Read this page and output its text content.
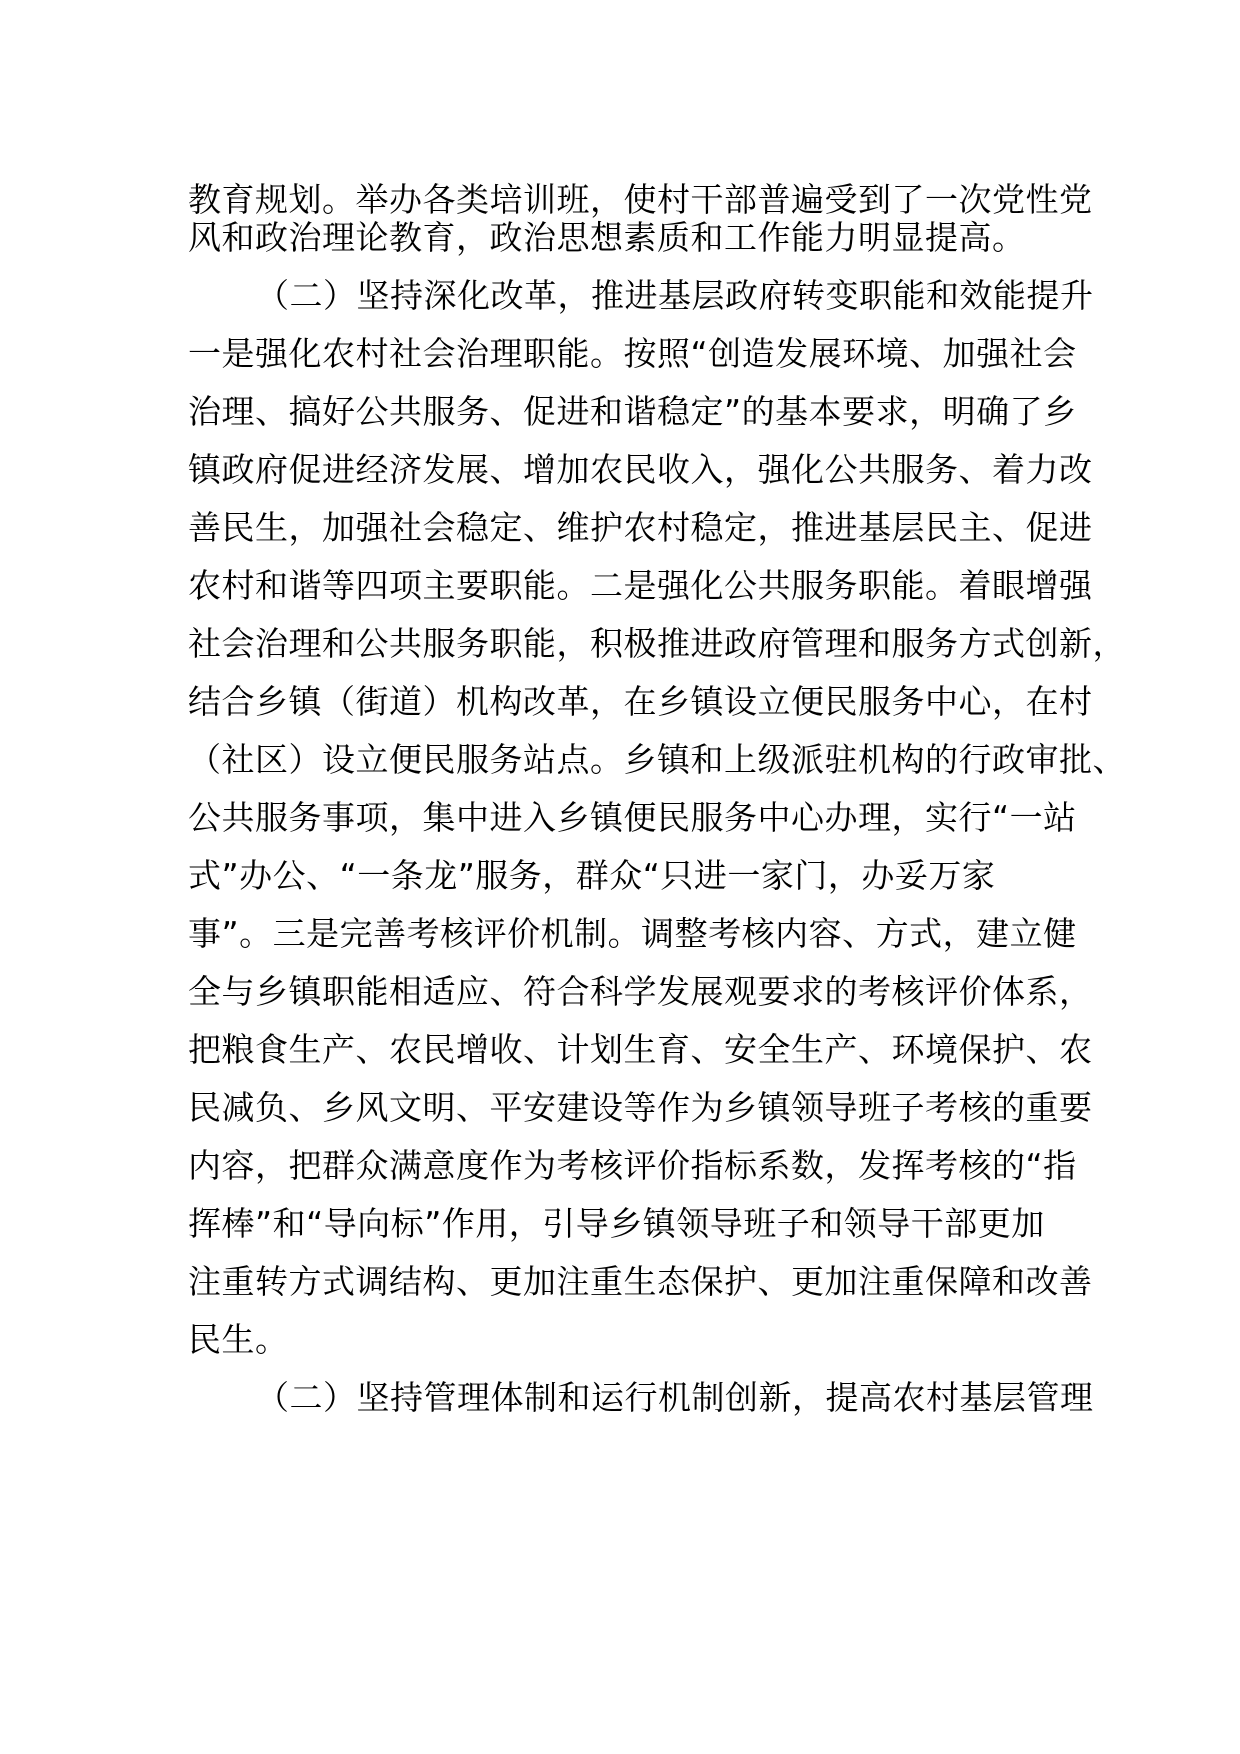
教育规划。举办各类培训班，使村干部普遍受到了一次党性党
风和政治理论教育，政治思想素质和工作能力明显提高。
（二）坚持深化改革，推进基层政府转变职能和效能提升
一是强化农村社会治理职能。按照“创造发展环境、加强社会
治理、搞好公共服务、促进和谐稳定”的基本要求，明确了乡
镇政府促进经济发展、增加农民收入，强化公共服务、着力改
善民生，加强社会稳定、维护农村稳定，推进基层民主、促进
农村和谐等四项主要职能。二是强化公共服务职能。着眼增强
社会治理和公共服务职能，积极推进政府管理和服务方式创新，
结合乡镇（街道）机构改革，在乡镇设立便民服务中心，在村
（社区）设立便民服务站点。乡镇和上级派驻机构的行政审批、
公共服务事项，集中进入乡镇便民服务中心办理，实行“一站
式”办公、“一条龙”服务，群众“只进一家门，办妥万家
事”。三是完善考核评价机制。调整考核内容、方式，建立健
全与乡镇职能相适应、符合科学发展观要求的考核评价体系，
把粮食生产、农民增收、计划生育、安全生产、环境保护、农
民减负、乡风文明、平安建设等作为乡镇领导班子考核的重要
内容，把群众满意度作为考核评价指标系数，发挥考核的“指
挥棒”和“导向标”作用，引导乡镇领导班子和领导干部更加
注重转方式调结构、更加注重生态保护、更加注重保障和改善
民生。
（二）坚持管理体制和运行机制创新，提高农村基层管理
